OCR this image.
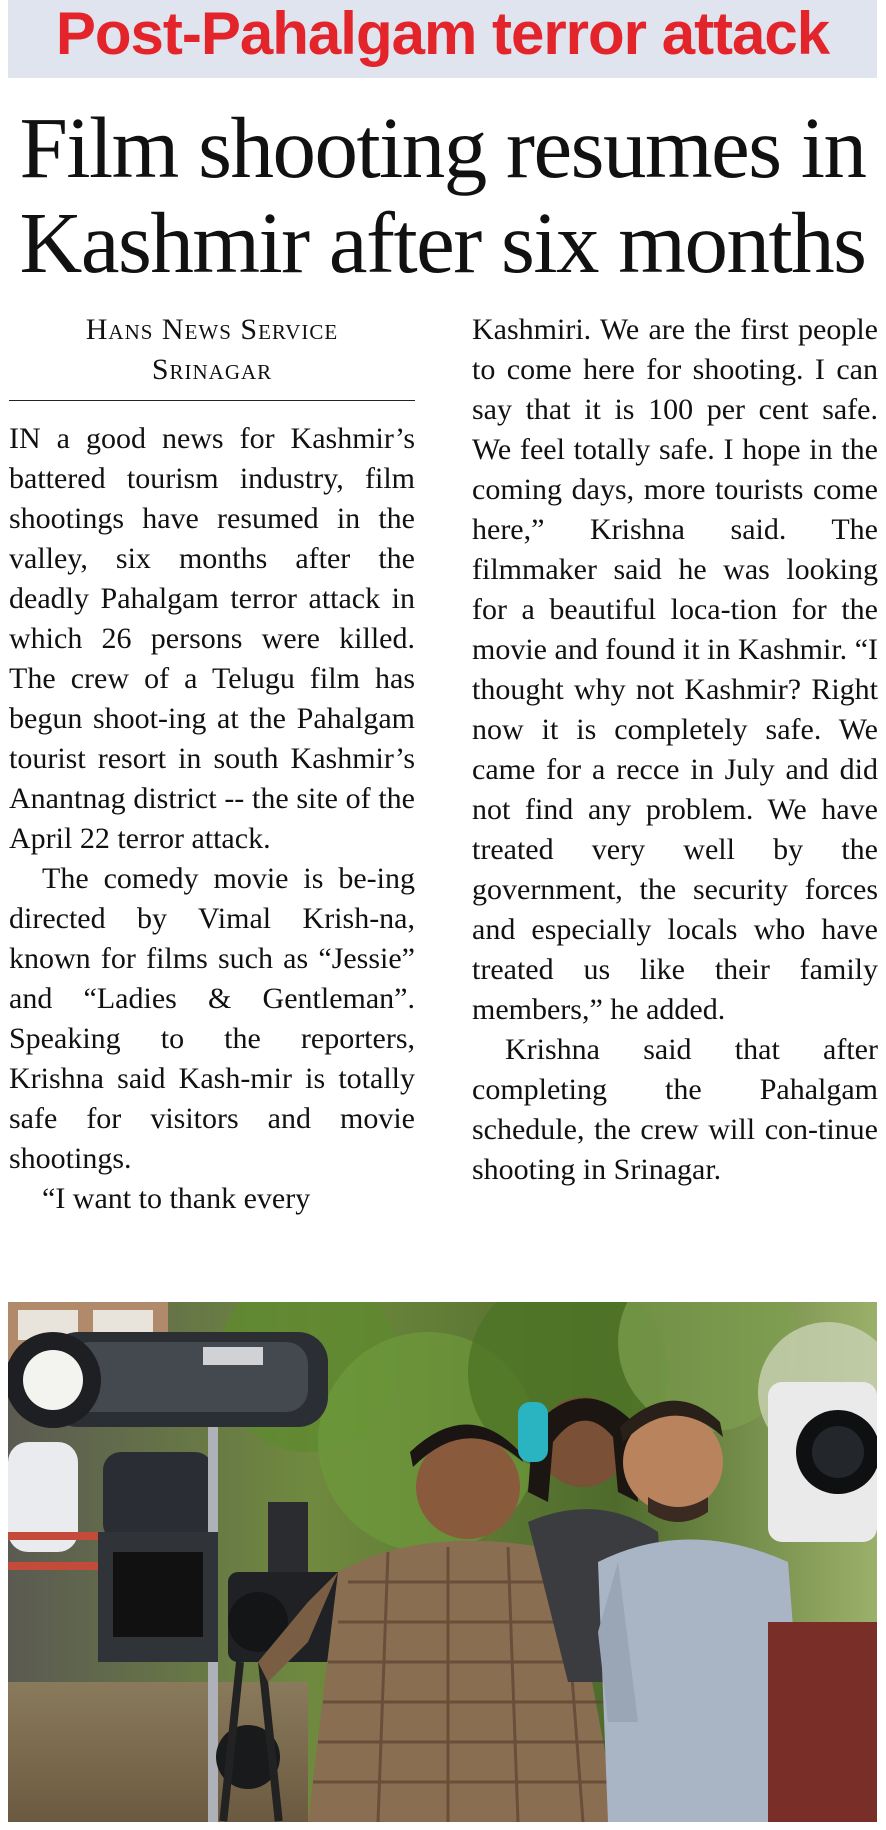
Post-Pahalgam terror attack
Film shooting resumes in
Kashmir after six months
Hans News Service
Srinagar

IN a good news for Kashmir’s battered tourism industry, film shootings have resumed in the valley, six months after the deadly Pahalgam terror attack in which 26 persons were killed. The crew of a Telugu film has begun shoot-ing at the Pahalgam tourist resort in south Kashmir’s Anantnag district -- the site of the April 22 terror attack.

The comedy movie is be-ing directed by Vimal Krish-na, known for films such as “Jessie” and “Ladies & Gentleman”. Speaking to the reporters, Krishna said Kash-mir is totally safe for visitors and movie shootings.

“I want to thank every

Kashmiri. We are the first people to come here for shooting. I can say that it is 100 per cent safe. We feel totally safe. I hope in the coming days, more tourists come here,” Krishna said. The filmmaker said he was looking for a beautiful loca-tion for the movie and found it in Kashmir. “I thought why not Kashmir? Right now it is completely safe. We came for a recce in July and did not find any problem. We have treated very well by the government, the security forces and especially locals who have treated us like their family members,” he added.

Krishna said that after completing the Pahalgam schedule, the crew will con-tinue shooting in Srinagar.
